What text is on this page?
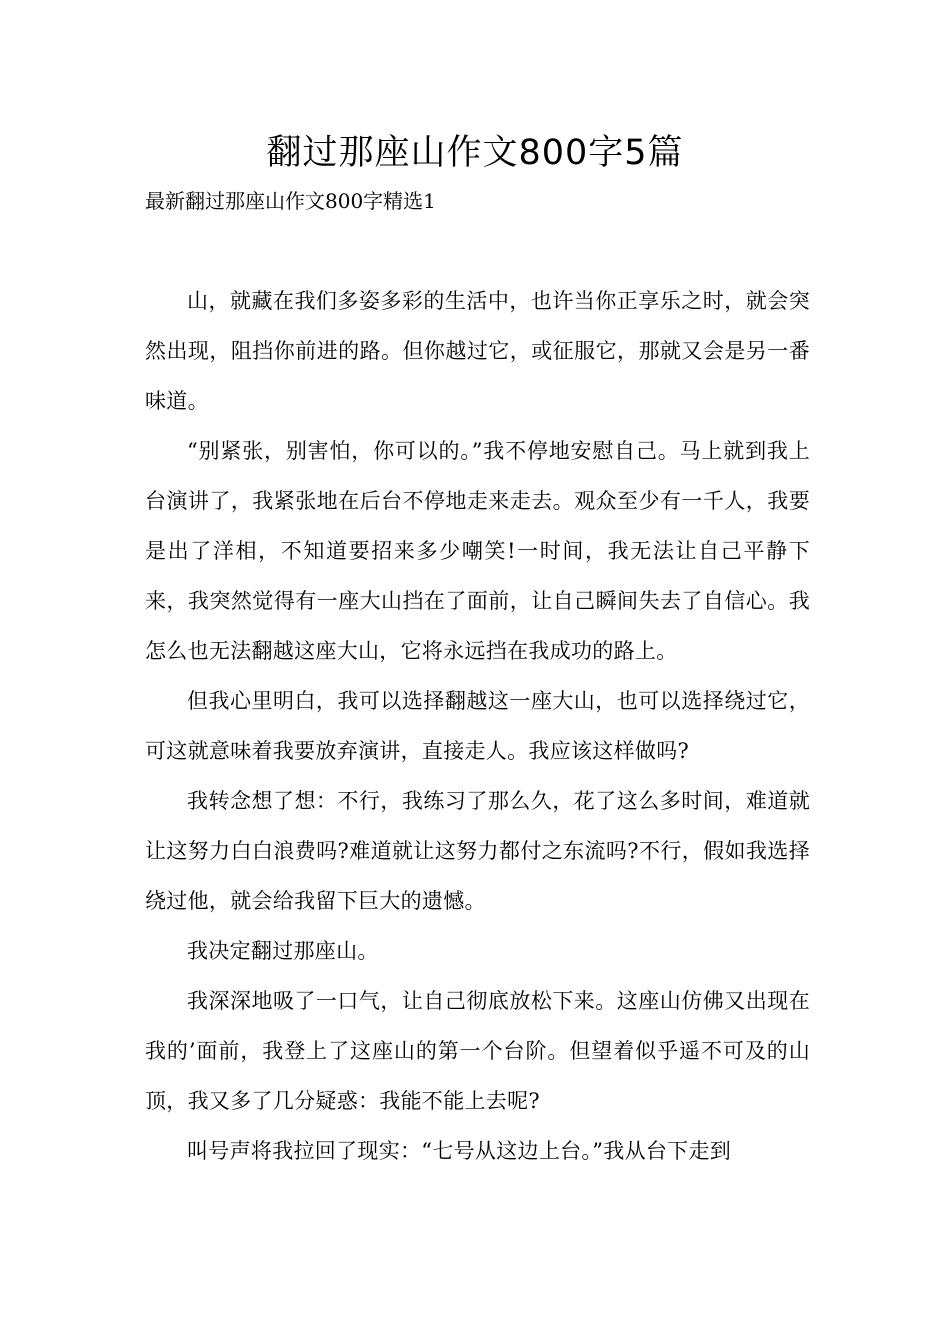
翻过那座山作文800字5篇
最新翻过那座山作文800字精选1

山，就藏在我们多姿多彩的生活中，也许当你正享乐之时，就会突然出现，阻挡你前进的路。但你越过它，或征服它，那就又会是另一番味道。

“别紧张，别害怕，你可以的。”我不停地安慰自己。马上就到我上台演讲了，我紧张地在后台不停地走来走去。观众至少有一千人，我要是出了洋相，不知道要招来多少嘲笑!一时间，我无法让自己平静下来，我突然觉得有一座大山挡在了面前，让自己瞬间失去了自信心。我怎么也无法翻越这座大山，它将永远挡在我成功的路上。

但我心里明白，我可以选择翻越这一座大山，也可以选择绕过它，可这就意味着我要放弃演讲，直接走人。我应该这样做吗?

我转念想了想：不行，我练习了那么久，花了这么多时间，难道就让这努力白白浪费吗?难道就让这努力都付之东流吗?不行，假如我选择绕过他，就会给我留下巨大的遗憾。

我决定翻过那座山。

我深深地吸了一口气，让自己彻底放松下来。这座山仿佛又出现在我的’面前，我登上了这座山的第一个台阶。但望着似乎遥不可及的山顶，我又多了几分疑惑：我能不能上去呢?

叫号声将我拉回了现实：“七号从这边上台。”我从台下走到
